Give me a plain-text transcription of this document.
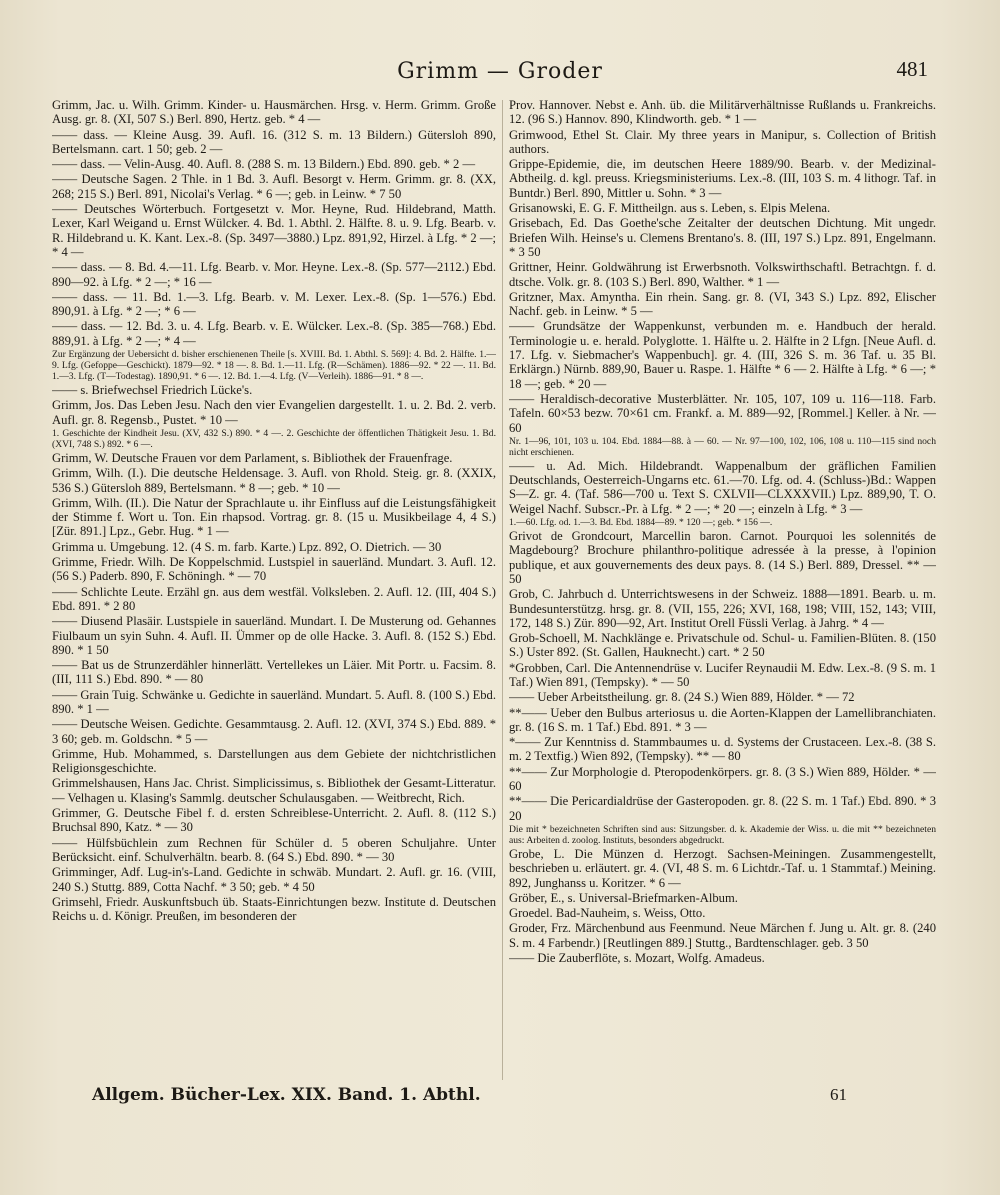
Grimm — Groder	481
Grimm, Jac. u. Wilh. Grimm. Kinder- u. Hausmärchen. Hrsg. v. Herm. Grimm. Große Ausg. gr. 8. (XI, 507 S.) Berl. 890, Hertz. geb. * 4 —
—— dass. — Kleine Ausg. 39. Aufl. 16. (312 S. m. 13 Bildern.) Gütersloh 890, Bertelsmann. cart. 1 50; geb. 2 —
—— dass. — Velin-Ausg. 40. Aufl. 8. (288 S. m. 13 Bildern.) Ebd. 890. geb. * 2 —
—— Deutsche Sagen. 2 Thle. in 1 Bd. 3. Aufl. Besorgt v. Herm. Grimm. gr. 8. (XX, 268; 215 S.) Berl. 891, Nicolai's Verlag. * 6 —; geb. in Leinw. * 7 50
—— Deutsches Wörterbuch. Fortgesetzt v. Mor. Heyne, Rud. Hildebrand, Matth. Lexer, Karl Weigand u. Ernst Wülcker. 4. Bd. 1. Abthl. 2. Hälfte. 8. u. 9. Lfg. Bearb. v. R. Hildebrand u. K. Kant. Lex.-8. (Sp. 3497—3880.) Lpz. 891,92, Hirzel. à Lfg. * 2 —; * 4 —
—— dass. — 8. Bd. 4.—11. Lfg. Bearb. v. Mor. Heyne. Lex.-8. (Sp. 577—2112.) Ebd. 890—92. à Lfg. * 2 —; * 16 —
—— dass. — 11. Bd. 1.—3. Lfg. Bearb. v. M. Lexer. Lex.-8. (Sp. 1—576.) Ebd. 890,91. à Lfg. * 2 —; * 6 —
—— dass. — 12. Bd. 3. u. 4. Lfg. Bearb. v. E. Wülcker. Lex.-8. (Sp. 385—768.) Ebd. 889,91. à Lfg. * 2 —; * 4 —
Zur Ergänzung der Uebersicht d. bisher erschienenen Theile [s. XVIII. Bd. 1. Abthl. S. 569]: 4. Bd. 2. Hälfte. 1.—9. Lfg. (Gefoppe—Geschickt). 1879—92. * 18 —. 8. Bd. 1.—11. Lfg. (R—Schämen). 1886—92. * 22 —. 11. Bd. 1.—3. Lfg. (T—Todestag). 1890,91. * 6 —. 12. Bd. 1.—4. Lfg. (V—Verleih). 1886—91. * 8 —.
—— s. Briefwechsel Friedrich Lücke's.
Grimm, Jos. Das Leben Jesu. Nach den vier Evangelien dargestellt. 1. u. 2. Bd. 2. verb. Aufl. gr. 8. Regensb., Pustet. * 10 —
1. Geschichte der Kindheit Jesu. (XV, 432 S.) 890. * 4 —. 2. Geschichte der öffentlichen Thätigkeit Jesu. 1. Bd. (XVI, 748 S.) 892. * 6 —.
Grimm, W. Deutsche Frauen vor dem Parlament, s. Bibliothek der Frauenfrage.
Grimm, Wilh. (I.). Die deutsche Heldensage. 3. Aufl. von Rhold. Steig. gr. 8. (XXIX, 536 S.) Gütersloh 889, Bertelsmann. * 8 —; geb. * 10 —
Grimm, Wilh. (II.). Die Natur der Sprachlaute u. ihr Einfluss auf die Leistungsfähigkeit der Stimme f. Wort u. Ton. Ein rhapsod. Vortrag. gr. 8. (15 u. Musikbeilage 4, 4 S.) [Zür. 891.] Lpz., Gebr. Hug. * 1 —
Grimma u. Umgebung. 12. (4 S. m. farb. Karte.) Lpz. 892, O. Dietrich. — 30
Grimme, Friedr. Wilh. De Koppelschmid. Lustspiel in sauerländ. Mundart. 3. Aufl. 12. (56 S.) Paderb. 890, F. Schöningh. * — 70
—— Schlichte Leute. Erzähl gn. aus dem westfäl. Volksleben. 2. Aufl. 12. (III, 404 S.) Ebd. 891. * 2 80
—— Diusend Plasäir. Lustspiele in sauerländ. Mundart. I. De Musterung od. Gehannes Fiulbaum un syin Suhn. 4. Aufl. II. Ümmer op de olle Hacke. 3. Aufl. 8. (152 S.) Ebd. 890. * 1 50
—— Bat us de Strunzerdähler hinnerlätt. Vertellekes un Läier. Mit Portr. u. Facsim. 8. (III, 111 S.) Ebd. 890. * — 80
—— Grain Tuig. Schwänke u. Gedichte in sauerländ. Mundart. 5. Aufl. 8. (100 S.) Ebd. 890. * 1 —
—— Deutsche Weisen. Gedichte. Gesammtausg. 2. Aufl. 12. (XVI, 374 S.) Ebd. 889. * 3 60; geb. m. Goldschn. * 5 —
Grimme, Hub. Mohammed, s. Darstellungen aus dem Gebiete der nichtchristlichen Religionsgeschichte.
Grimmelshausen, Hans Jac. Christ. Simplicissimus, s. Bibliothek der Gesamt-Litteratur. — Velhagen u. Klasing's Sammlg. deutscher Schulausgaben. — Weitbrecht, Rich.
Grimmer, G. Deutsche Fibel f. d. ersten Schreiblese-Unterricht. 2. Aufl. 8. (112 S.) Bruchsal 890, Katz. * — 30
—— Hülfsbüchlein zum Rechnen für Schüler d. 5 oberen Schuljahre. Unter Berücksicht. einf. Schulverhältn. bearb. 8. (64 S.) Ebd. 890. * — 30
Grimminger, Adf. Lug-in's-Land. Gedichte in schwäb. Mundart. 2. Aufl. gr. 16. (VIII, 240 S.) Stuttg. 889, Cotta Nachf. * 3 50; geb. * 4 50
Grimsehl, Friedr. Auskunftsbuch üb. Staats-Einrichtungen bezw. Institute d. Deutschen Reichs u. d. Königr. Preußen, im besonderen der
Prov. Hannover. Nebst e. Anh. üb. die Militärverhältnisse Rußlands u. Frankreichs. 12. (96 S.) Hannov. 890, Klindworth. geb. * 1 —
Grimwood, Ethel St. Clair. My three years in Manipur, s. Collection of British authors.
Grippe-Epidemie, die, im deutschen Heere 1889/90. Bearb. v. der Medizinal-Abtheilg. d. kgl. preuss. Kriegsministeriums. Lex.-8. (III, 103 S. m. 4 lithogr. Taf. in Buntdr.) Berl. 890, Mittler u. Sohn. * 3 —
Grisanowski, E. G. F. Mittheilgn. aus s. Leben, s. Elpis Melena.
Grisebach, Ed. Das Goethe'sche Zeitalter der deutschen Dichtung. Mit ungedr. Briefen Wilh. Heinse's u. Clemens Brentano's. 8. (III, 197 S.) Lpz. 891, Engelmann. * 3 50
Grittner, Heinr. Goldwährung ist Erwerbsnoth. Volkswirthschaftl. Betrachtgn. f. d. dtsche. Volk. gr. 8. (103 S.) Berl. 890, Walther. * 1 —
Gritzner, Max. Amyntha. Ein rhein. Sang. gr. 8. (VI, 343 S.) Lpz. 892, Elischer Nachf. geb. in Leinw. * 5 —
—— Grundsätze der Wappenkunst, verbunden m. e. Handbuch der herald. Terminologie u. e. herald. Polyglotte. 1. Hälfte u. 2. Hälfte in 2 Lfgn. [Neue Aufl. d. 17. Lfg. v. Siebmacher's Wappenbuch]. gr. 4. (III, 326 S. m. 36 Taf. u. 35 Bl. Erklärgn.) Nürnb. 889,90, Bauer u. Raspe. 1. Hälfte * 6 — 2. Hälfte à Lfg. * 6 —; * 18 —; geb. * 20 —
—— Heraldisch-decorative Musterblätter. Nr. 105, 107, 109 u. 116—118. Farb. Tafeln. 60×53 bezw. 70×61 cm. Frankf. a. M. 889—92, [Rommel.] Keller. à Nr. — 60
Nr. 1—96, 101, 103 u. 104. Ebd. 1884—88. à — 60. — Nr. 97—100, 102, 106, 108 u. 110—115 sind noch nicht erschienen.
—— u. Ad. Mich. Hildebrandt. Wappenalbum der gräflichen Familien Deutschlands, Oesterreich-Ungarns etc. 61.—70. Lfg. od. 4. (Schluss-)Bd.: Wappen S—Z. gr. 4. (Taf. 586—700 u. Text S. CXLVII—CLXXXVII.) Lpz. 889,90, T. O. Weigel Nachf. Subscr.-Pr. à Lfg. * 2 —; * 20 —; einzeln à Lfg. * 3 —
1.—60. Lfg. od. 1.—3. Bd. Ebd. 1884—89. * 120 —; geb. * 156 —.
Grivot de Grondcourt, Marcellin baron. Carnot. Pourquoi les solennités de Magdebourg? Brochure philanthro-politique adressée à la presse, à l'opinion publique, et aux gouvernements des deux pays. 8. (14 S.) Berl. 889, Dressel. ** — 50
Grob, C. Jahrbuch d. Unterrichtswesens in der Schweiz. 1888—1891. Bearb. u. m. Bundesunterstützg. hrsg. gr. 8. (VII, 155, 226; XVI, 168, 198; VIII, 152, 143; VIII, 172, 148 S.) Zür. 890—92, Art. Institut Orell Füssli Verlag. à Jahrg. * 4 —
Grob-Schoell, M. Nachklänge e. Privatschule od. Schul- u. Familien-Blüten. 8. (150 S.) Uster 892. (St. Gallen, Hauknecht.) cart. * 2 50
*Grobben, Carl. Die Antennendrüse v. Lucifer Reynaudii M. Edw. Lex.-8. (9 S. m. 1 Taf.) Wien 891, (Tempsky). * — 50
—— Ueber Arbeitstheilung. gr. 8. (24 S.) Wien 889, Hölder. * — 72
**—— Ueber den Bulbus arteriosus u. die Aorten-Klappen der Lamellibranchiaten. gr. 8. (16 S. m. 1 Taf.) Ebd. 891. * 3 —
*—— Zur Kenntniss d. Stammbaumes u. d. Systems der Crustaceen. Lex.-8. (38 S. m. 2 Textfig.) Wien 892, (Tempsky). ** — 80
**—— Zur Morphologie d. Pteropodenkörpers. gr. 8. (3 S.) Wien 889, Hölder. * — 60
**—— Die Pericardialdrüse der Gasteropoden. gr. 8. (22 S. m. 1 Taf.) Ebd. 890. * 3 20
Die mit * bezeichneten Schriften sind aus: Sitzungsber. d. k. Akademie der Wiss. u. die mit ** bezeichneten aus: Arbeiten d. zoolog. Instituts, besonders abgedruckt.
Grobe, L. Die Münzen d. Herzogt. Sachsen-Meiningen. Zusammengestellt, beschrieben u. erläutert. gr. 4. (VI, 48 S. m. 6 Lichtdr.-Taf. u. 1 Stammtaf.) Meining. 892, Junghanss u. Koritzer. * 6 —
Gröber, E., s. Universal-Briefmarken-Album.
Groedel. Bad-Nauheim, s. Weiss, Otto.
Groder, Frz. Märchenbund aus Feenmund. Neue Märchen f. Jung u. Alt. gr. 8. (240 S. m. 4 Farbendr.) [Reutlingen 889.] Stuttg., Bardtenschlager. geb. 3 50
—— Die Zauberflöte, s. Mozart, Wolfg. Amadeus.
Allgem. Bücher-Lex. XIX. Band. 1. Abthl.	61
